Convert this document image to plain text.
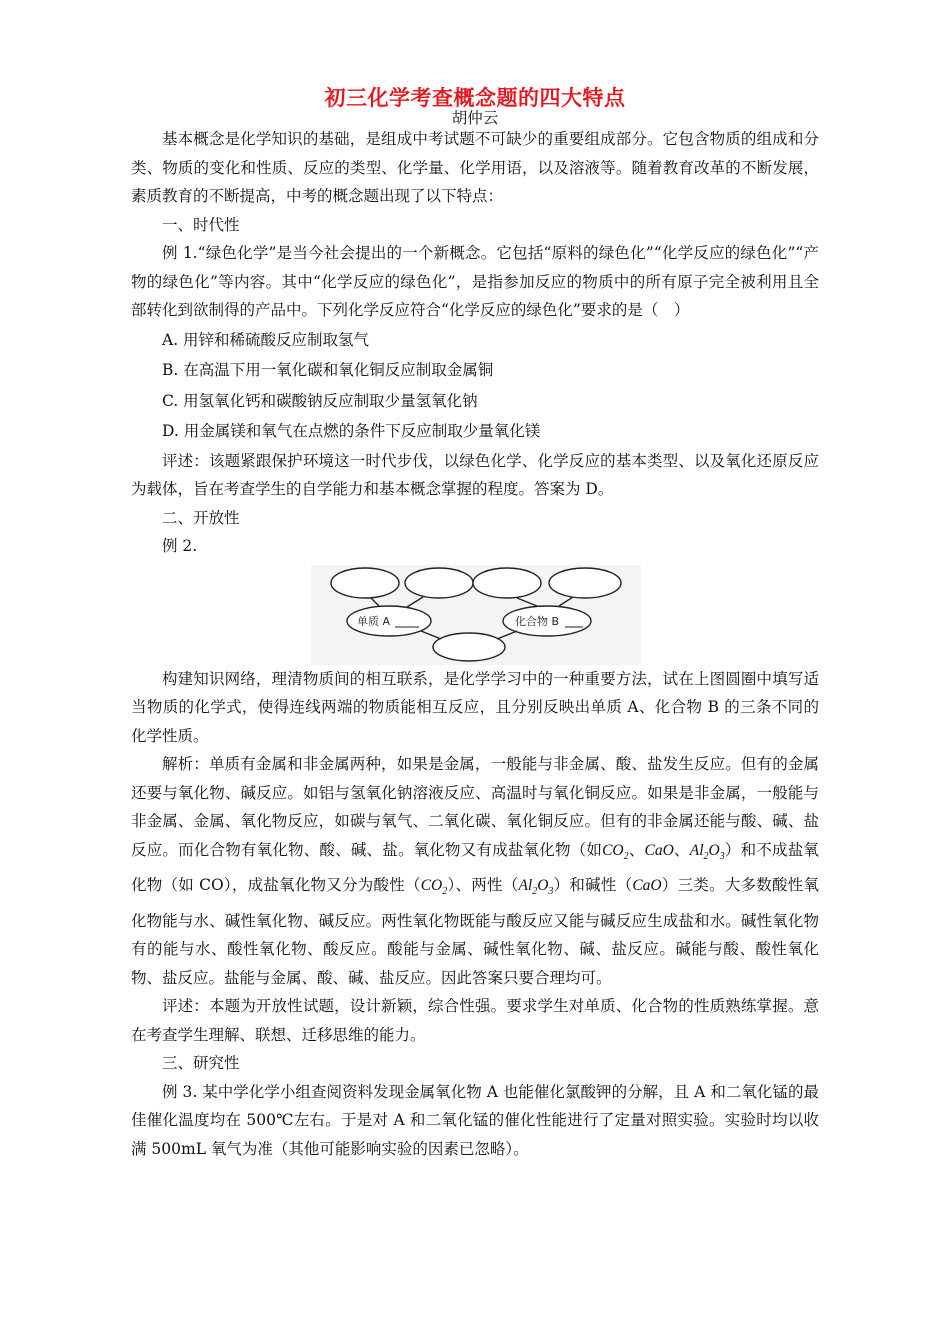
初三化学考查概念题的四大特点
胡仲云

基本概念是化学知识的基础，是组成中考试题不可缺少的重要组成部分。它包含物质的组成和分类、物质的变化和性质、反应的类型、化学量、化学用语，以及溶液等。随着教育改革的不断发展，素质教育的不断提高，中考的概念题出现了以下特点：

一、时代性

例 1.“绿色化学”是当今社会提出的一个新概念。它包括“原料的绿色化”“化学反应的绿色化”“产物的绿色化”等内容。其中“化学反应的绿色化”，是指参加反应的物质中的所有原子完全被利用且全部转化到欲制得的产品中。下列化学反应符合“化学反应的绿色化”要求的是（　）

A. 用锌和稀硫酸反应制取氢气

B. 在高温下用一氧化碳和氧化铜反应制取金属铜

C. 用氢氧化钙和碳酸钠反应制取少量氢氧化钠

D. 用金属镁和氧气在点燃的条件下反应制取少量氧化镁

评述：该题紧跟保护环境这一时代步伐，以绿色化学、化学反应的基本类型、以及氧化还原反应为载体，旨在考查学生的自学能力和基本概念掌握的程度。答案为 D。

二、开放性

例 2.

单质 A	化合物 B

构建知识网络，理清物质间的相互联系，是化学学习中的一种重要方法，试在上图圆圈中填写适当物质的化学式，使得连线两端的物质能相互反应，且分别反映出单质 A、化合物 B 的三条不同的化学性质。

解析：单质有金属和非金属两种，如果是金属，一般能与非金属、酸、盐发生反应。但有的金属还要与氧化物、碱反应。如铝与氢氧化钠溶液反应、高温时与氧化铜反应。如果是非金属，一般能与非金属、金属、氧化物反应，如碳与氧气、二氧化碳、氧化铜反应。但有的非金属还能与酸、碱、盐反应。而化合物有氧化物、酸、碱、盐。氧化物又有成盐氧化物（如$CO_2$、CaO、$Al_2O_3$）和不成盐氧化物（如 CO），成盐氧化物又分为酸性$(CO_2)$、两性$(Al_2O_3)$和碱性（CaO）三类。大多数酸性氧化物能与水、碱性氧化物、碱反应。两性氧化物既能与酸反应又能与碱反应生成盐和水。碱性氧化物有的能与水、酸性氧化物、酸反应。酸能与金属、碱性氧化物、碱、盐反应。碱能与酸、酸性氧化物、盐反应。盐能与金属、酸、碱、盐反应。因此答案只要合理均可。

评述：本题为开放性试题，设计新颖，综合性强。要求学生对单质、化合物的性质熟练掌握。意在考查学生理解、联想、迁移思维的能力。

三、研究性

例 3. 某中学化学小组查阅资料发现金属氧化物 A 也能催化氯酸钾的分解，且 A 和二氧化锰的最佳催化温度均在 500℃左右。于是对 A 和二氧化锰的催化性能进行了定量对照实验。实验时均以收满 500mL 氧气为准（其他可能影响实验的因素已忽略）。
